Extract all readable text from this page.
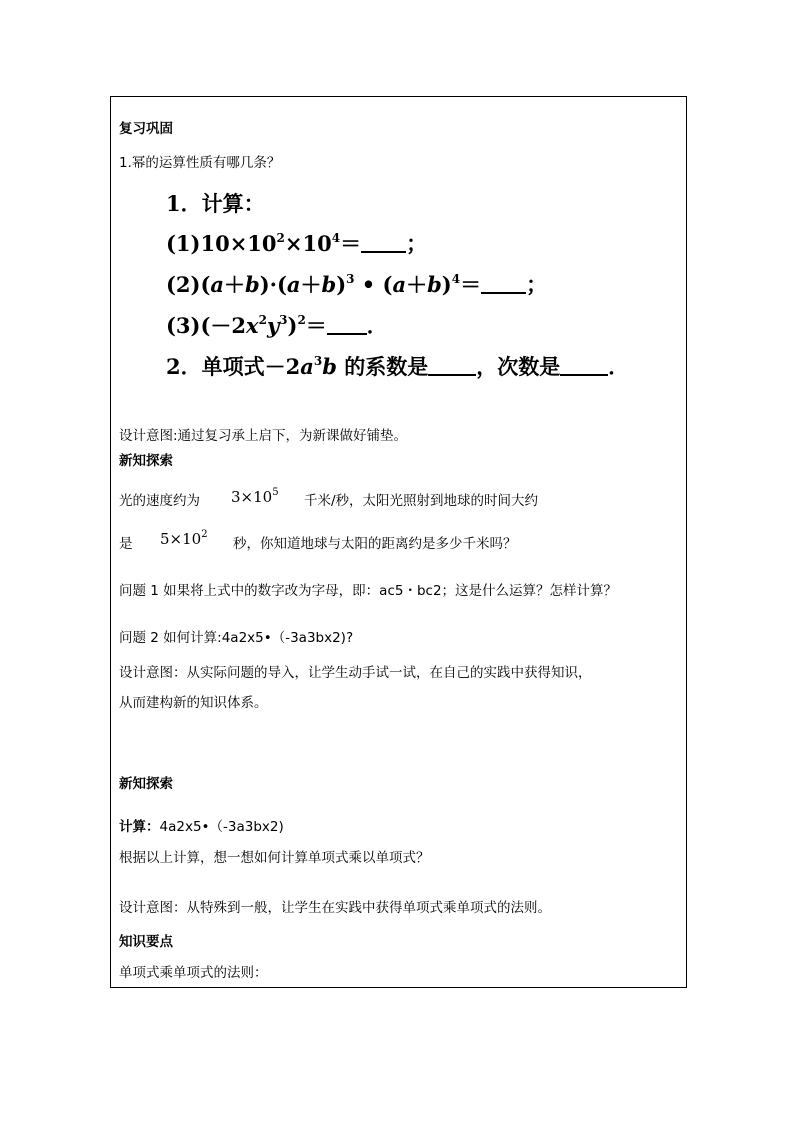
复习巩固
1.幂的运算性质有哪几条？
1．计算：
$(1)10\times 10^2\times 10^4=$ ；
$(2)(a+b)\cdot(a+b)^3$ • $(a+b)^4=$ ；
$(3)(-2x^2y^3)^2=$ ．
2．单项式$-2a^3b$ 的系数是 ，次数是 ．
设计意图:通过复习承上启下，为新课做好铺垫。
新知探索
光的速度约为 $3\times 10^5$
千米/秒，太阳光照射到地球的时间大约
是 $5\times 10^2$
秒，你知道地球与太阳的距离约是多少千米吗？
问题 1 如果将上式中的数字改为字母，即：ac5・bc2；这是什么运算？怎样计算？
问题 2 如何计算:4a2x5•（-3a3bx2)?
设计意图：从实际问题的导入，让学生动手试一试，在自己的实践中获得知识，
从而建构新的知识体系。
新知探索
计算：4a2x5•（-3a3bx2)
根据以上计算，想一想如何计算单项式乘以单项式？
设计意图：从特殊到一般，让学生在实践中获得单项式乘单项式的法则。
知识要点
单项式乘单项式的法则：
